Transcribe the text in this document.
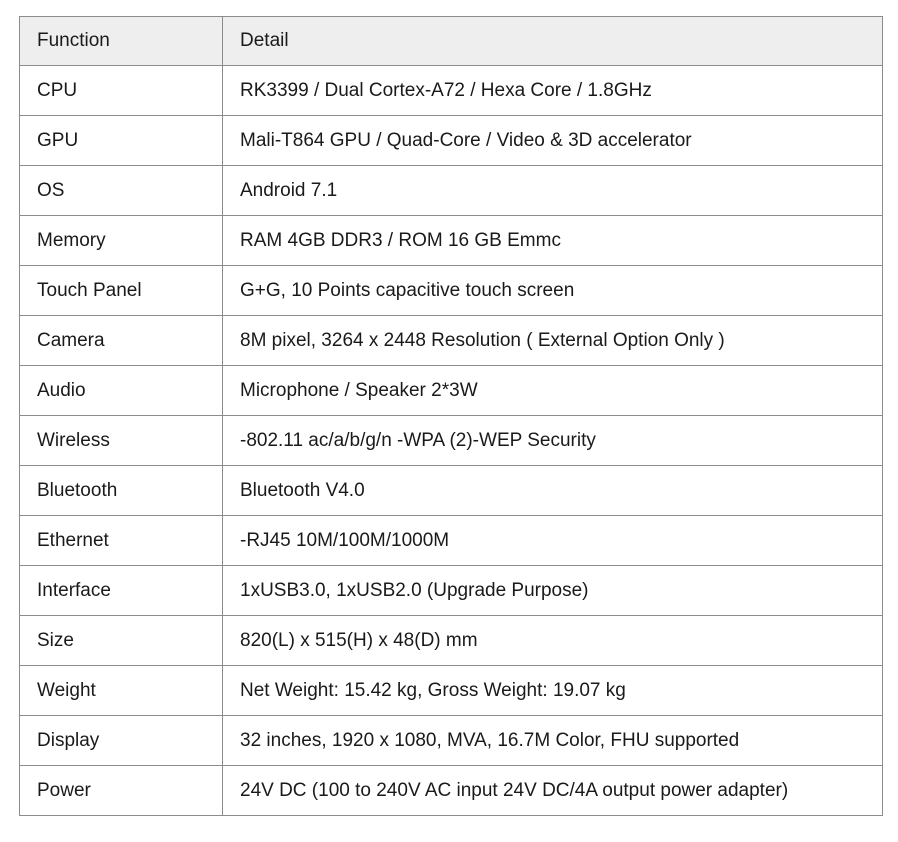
Function	Detail
CPU	RK3399 / Dual Cortex-A72 / Hexa Core / 1.8GHz
GPU	Mali-T864 GPU / Quad-Core / Video & 3D accelerator
OS	Android 7.1
Memory	RAM 4GB DDR3 / ROM 16 GB Emmc
Touch Panel	G+G, 10 Points capacitive touch screen
Camera	8M pixel, 3264 x 2448 Resolution ( External Option Only )
Audio	Microphone / Speaker 2*3W
Wireless	-802.11 ac/a/b/g/n -WPA (2)-WEP Security
Bluetooth	Bluetooth V4.0
Ethernet	-RJ45 10M/100M/1000M
Interface	1xUSB3.0, 1xUSB2.0 (Upgrade Purpose)
Size	820(L) x 515(H) x 48(D) mm
Weight	Net Weight: 15.42 kg, Gross Weight: 19.07 kg
Display	32 inches, 1920 x 1080, MVA, 16.7M Color, FHU supported
Power	24V DC (100 to 240V AC input 24V DC/4A output power adapter)
